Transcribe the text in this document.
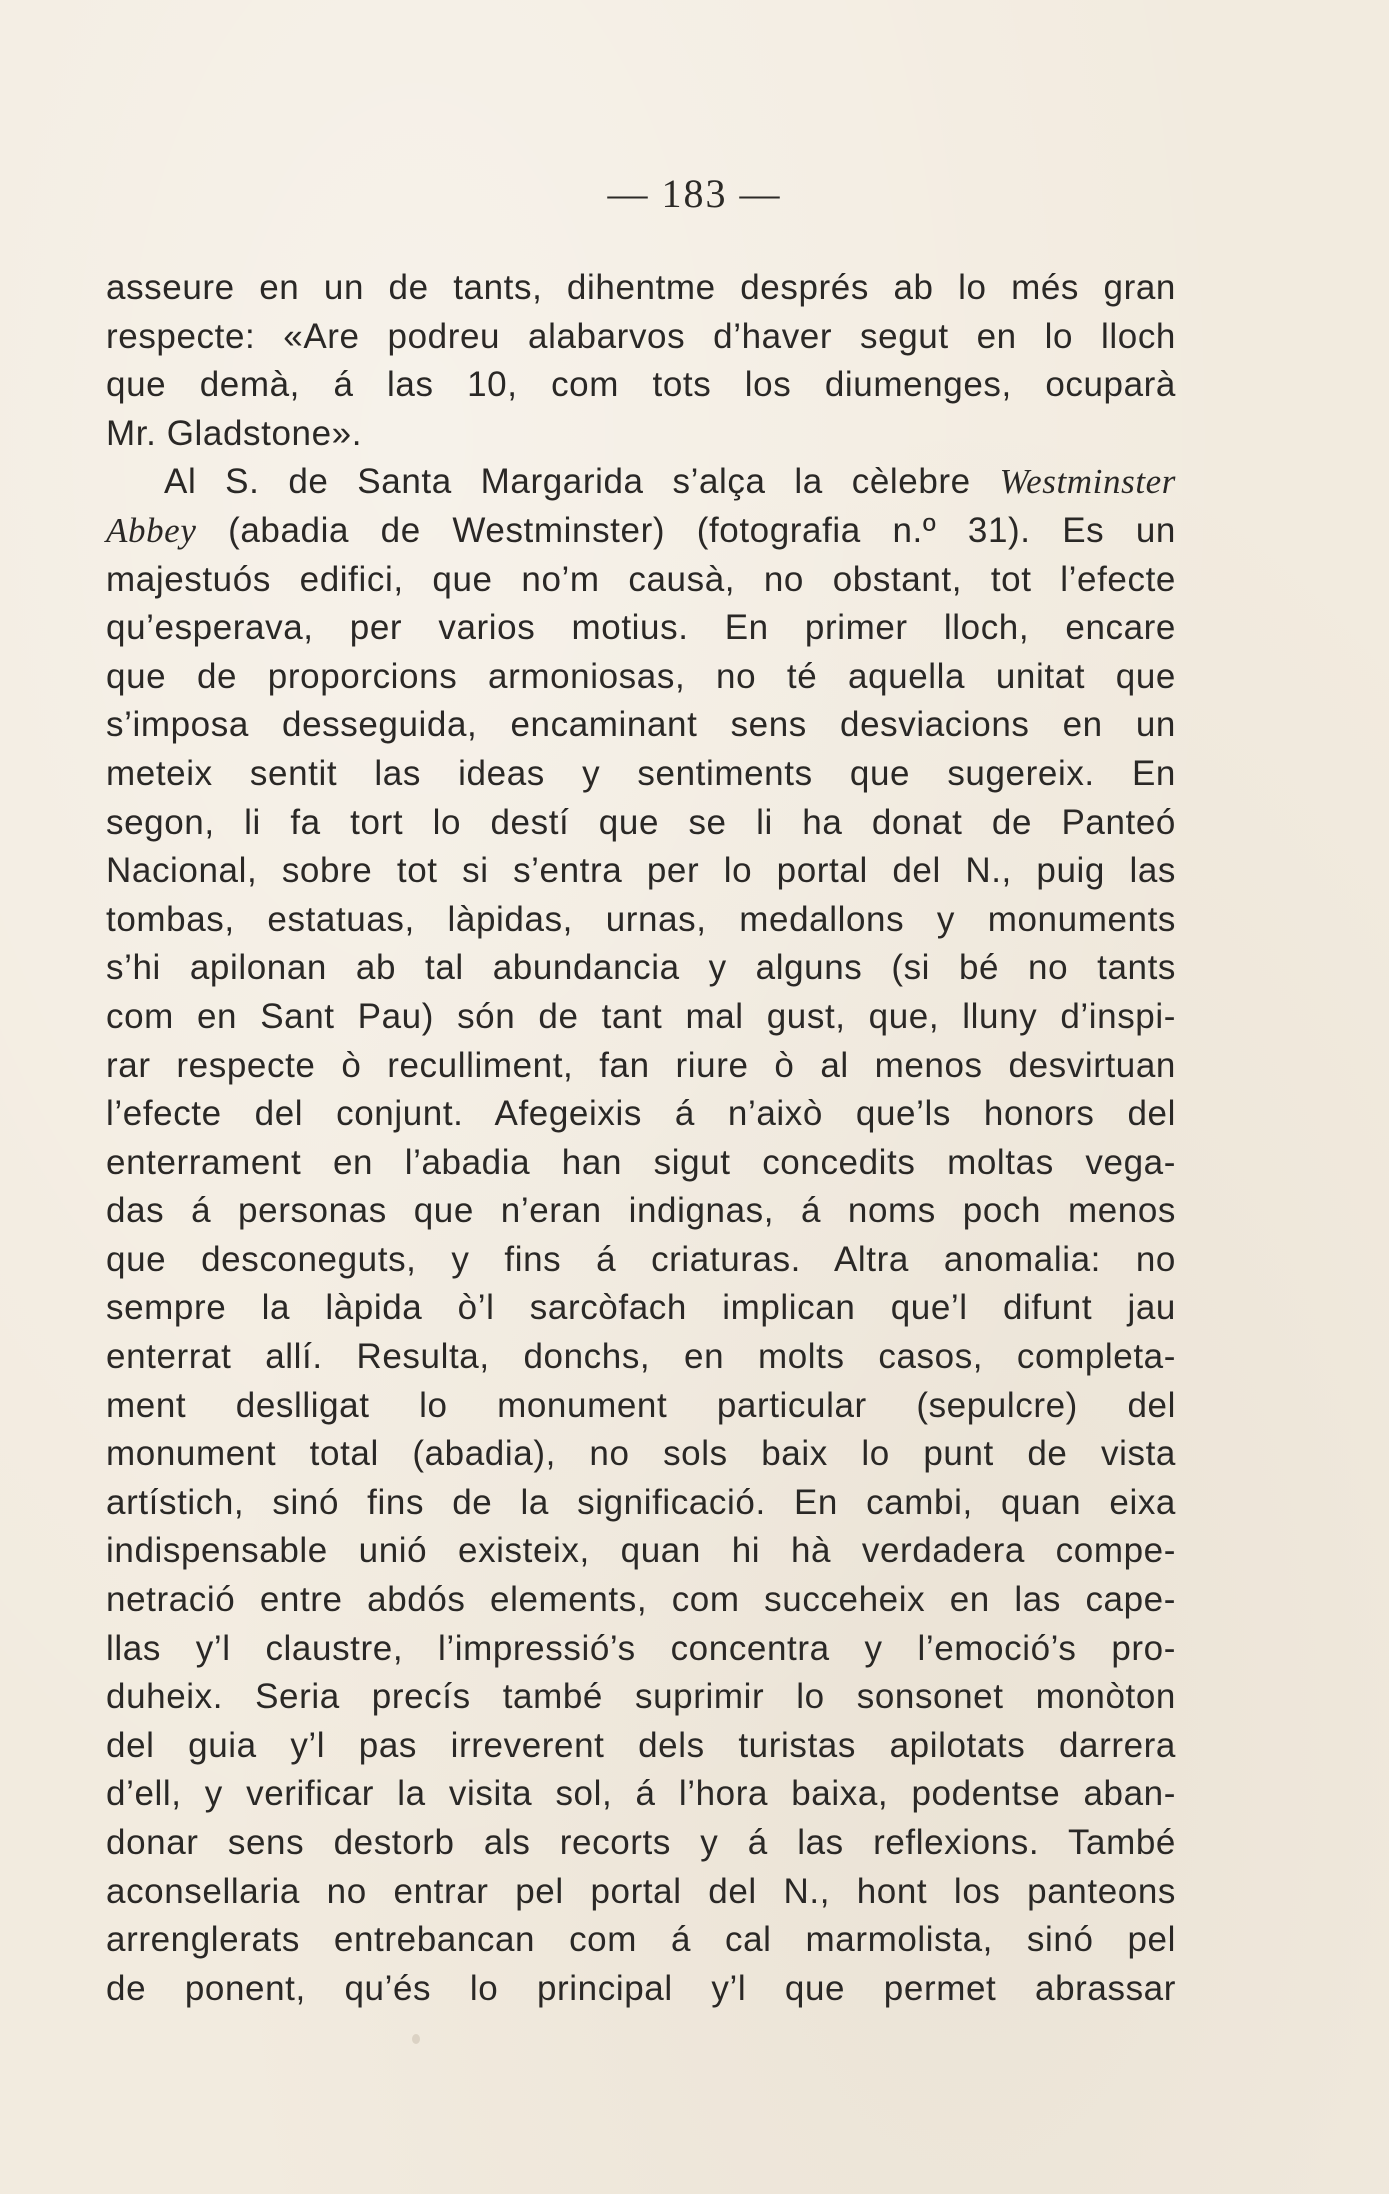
— 183 —
asseure en un de tants, dihentme després ab lo més gran
respecte: «Are podreu alabarvos d’haver segut en lo lloch
que demà, á las 10, com tots los diumenges, ocuparà
Mr. Gladstone».
Al S. de Santa Margarida s’alça la cèlebre Westminster
Abbey (abadia de Westminster) (fotografia n.º 31). Es un
majestuós edifici, que no’m causà, no obstant, tot l’efecte
qu’esperava, per varios motius. En primer lloch, encare
que de proporcions armoniosas, no té aquella unitat que
s’imposa desseguida, encaminant sens desviacions en un
meteix sentit las ideas y sentiments que sugereix. En
segon, li fa tort lo destí que se li ha donat de Panteó
Nacional, sobre tot si s’entra per lo portal del N., puig las
tombas, estatuas, làpidas, urnas, medallons y monuments
s’hi apilonan ab tal abundancia y alguns (si bé no tants
com en Sant Pau) són de tant mal gust, que, lluny d’inspi-
rar respecte ò reculliment, fan riure ò al menos desvirtuan
l’efecte del conjunt. Afegeixis á n’això que’ls honors del
enterrament en l’abadia han sigut concedits moltas vega-
das á personas que n’eran indignas, á noms poch menos
que desconeguts, y fins á criaturas. Altra anomalia: no
sempre la làpida ò’l sarcòfach implican que’l difunt jau
enterrat allí. Resulta, donchs, en molts casos, completa-
ment deslligat lo monument particular (sepulcre) del
monument total (abadia), no sols baix lo punt de vista
artístich, sinó fins de la significació. En cambi, quan eixa
indispensable unió existeix, quan hi hà verdadera compe-
netració entre abdós elements, com succeheix en las cape-
llas y’l claustre, l’impressió’s concentra y l’emoció’s pro-
duheix. Seria precís també suprimir lo sonsonet monòton
del guia y’l pas irreverent dels turistas apilotats darrera
d’ell, y verificar la visita sol, á l’hora baixa, podentse aban-
donar sens destorb als recorts y á las reflexions. També
aconsellaria no entrar pel portal del N., hont los panteons
arrenglerats entrebancan com á cal marmolista, sinó pel
de ponent, qu’és lo principal y’l que permet abrassar
